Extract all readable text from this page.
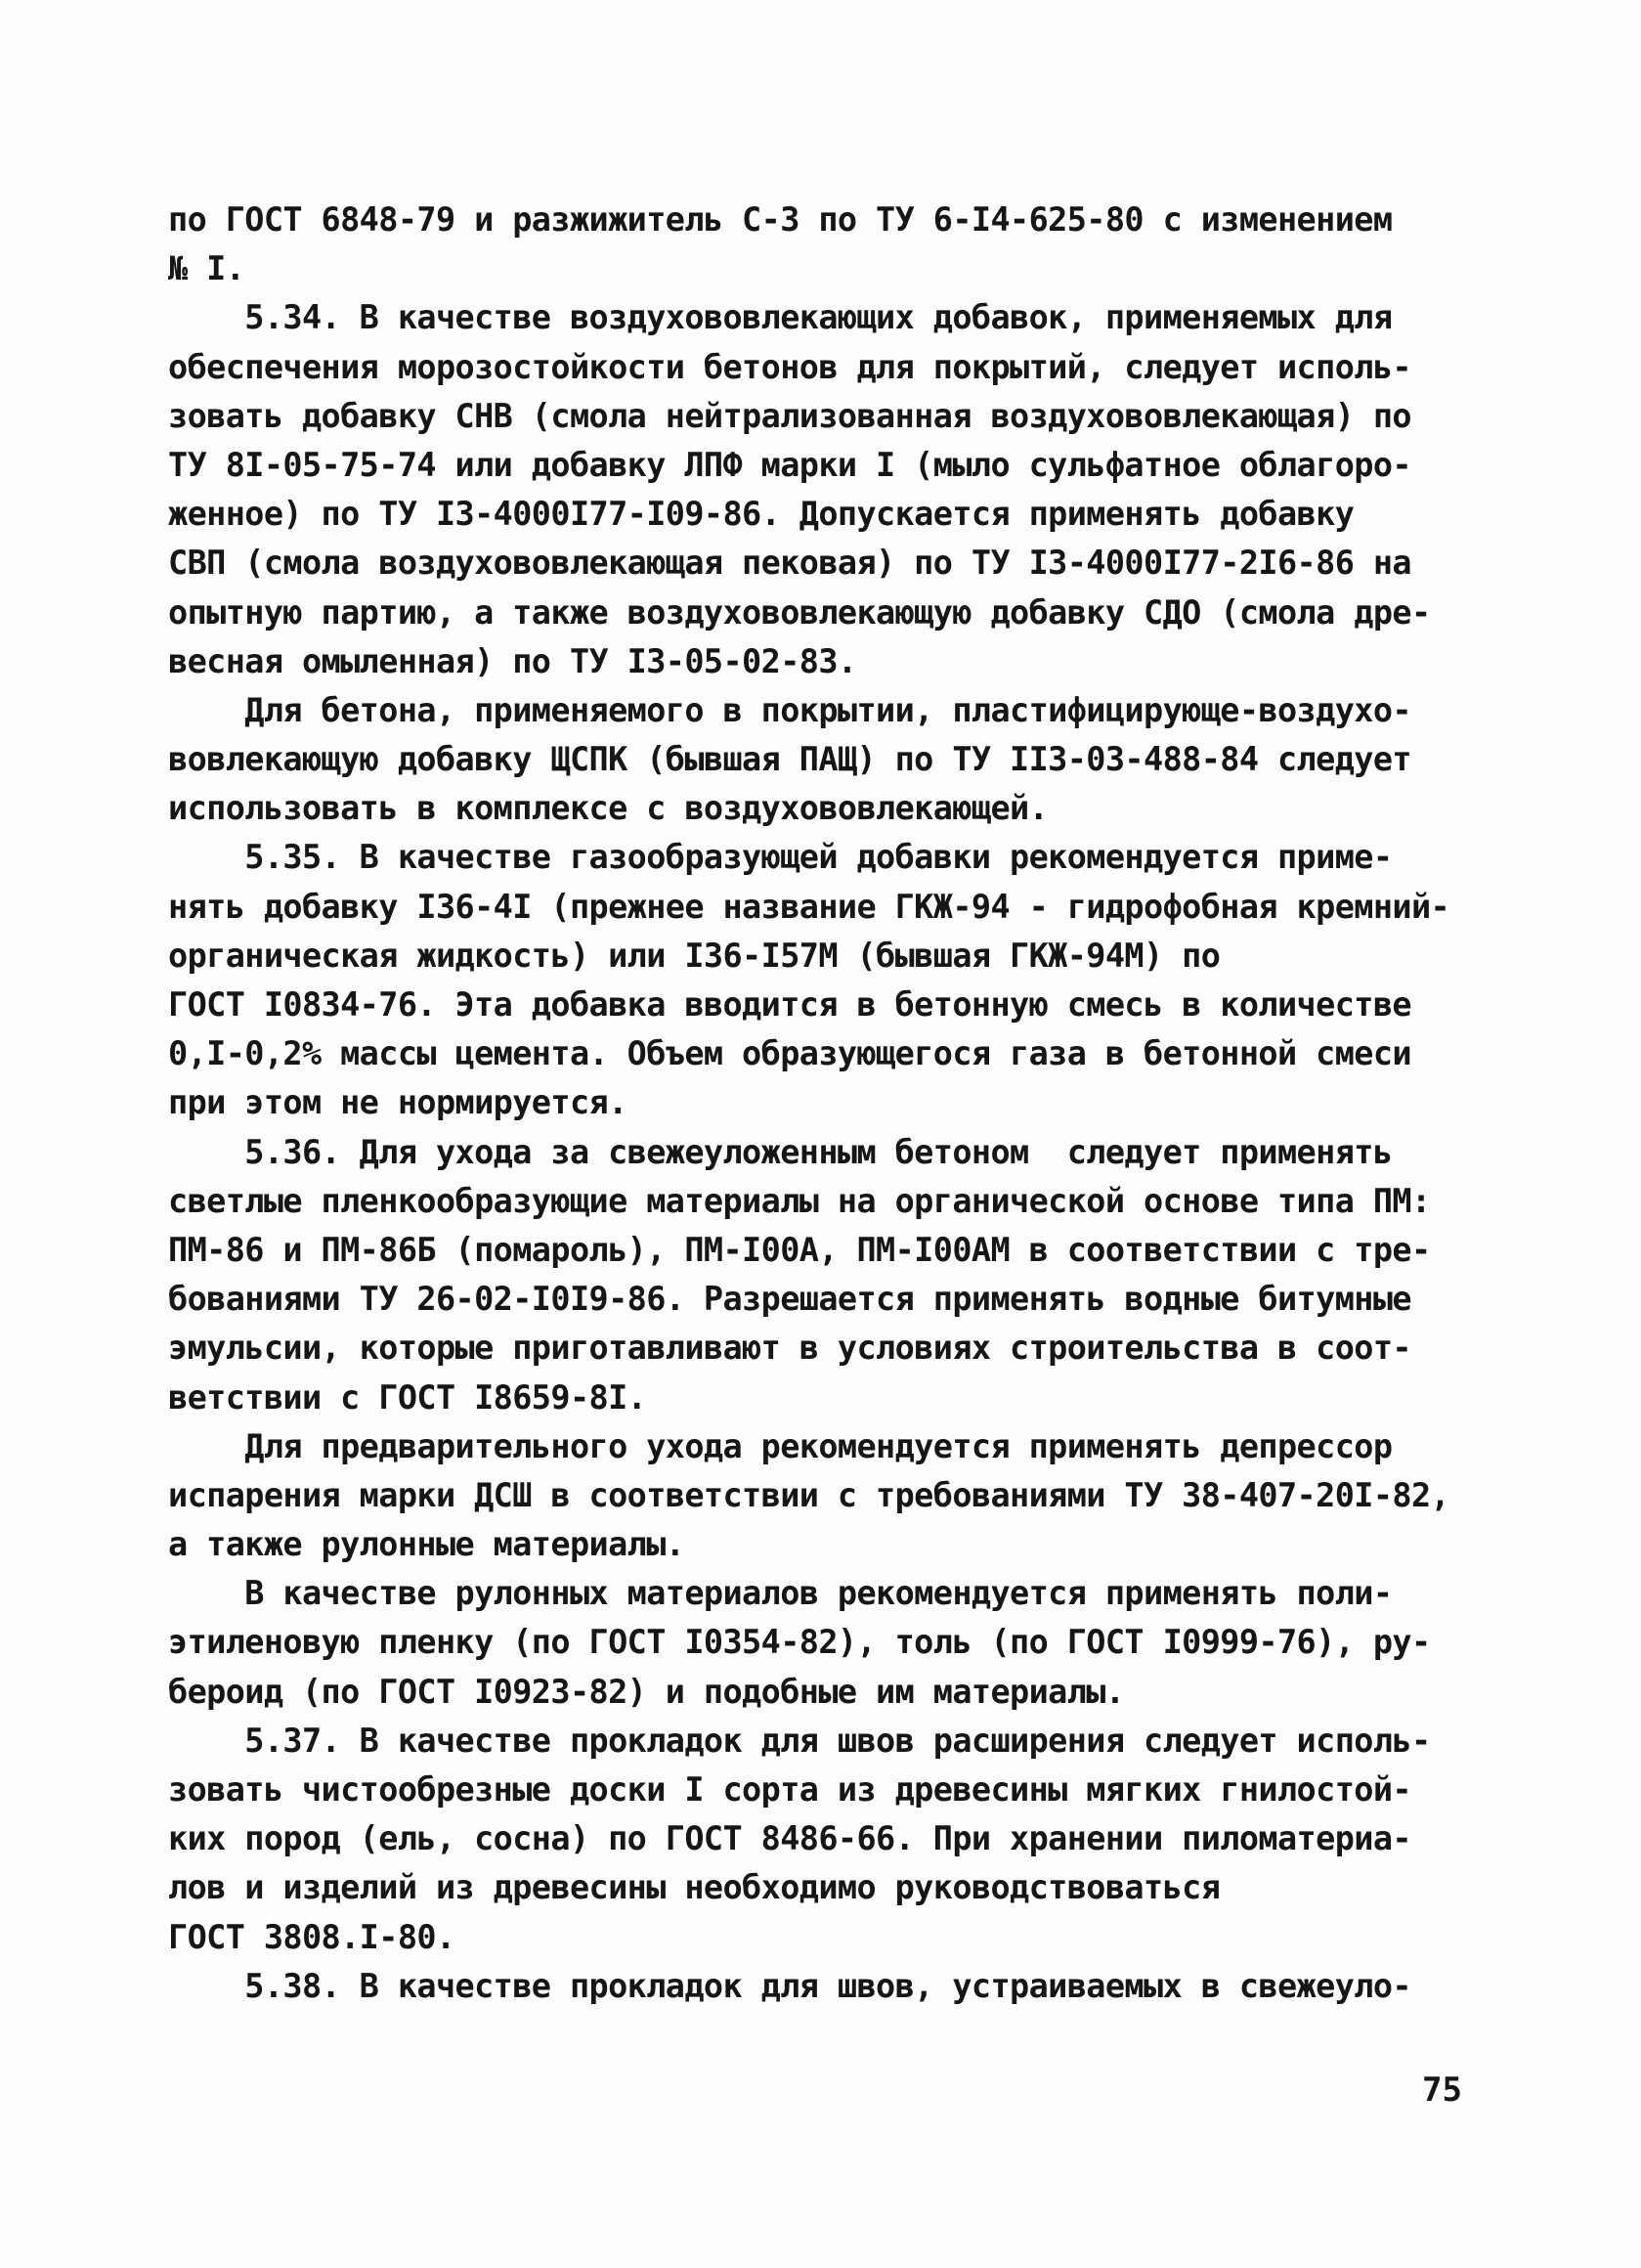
по ГОСТ 6848-79 и разжижитель С-3 по ТУ 6-I4-625-80 с изменением
№ I.
5.34. В качестве воздухововлекающих добавок, применяемых для
обеспечения морозостойкости бетонов для покрытий, следует исполь-
зовать добавку СНВ (смола нейтрализованная воздухововлекающая) по
ТУ 8I-05-75-74 или добавку ЛПФ марки I (мыло сульфатное облагоро-
женное) по ТУ I3-4000I77-I09-86. Допускается применять добавку
СВП (смола воздухововлекающая пековая) по ТУ I3-4000I77-2I6-86 на
опытную партию, а также воздухововлекающую добавку СДО (смола дре-
весная омыленная) по ТУ I3-05-02-83.
Для бетона, применяемого в покрытии, пластифицирующе-воздухо-
вовлекающую добавку ЩСПК (бывшая ПАЩ) по ТУ II3-03-488-84 следует
использовать в комплексе с воздухововлекающей.
5.35. В качестве газообразующей добавки рекомендуется приме-
нять добавку I36-4I (прежнее название ГКЖ-94 - гидрофобная кремний-
органическая жидкость) или I36-I57М (бывшая ГКЖ-94М) по
ГОСТ I0834-76. Эта добавка вводится в бетонную смесь в количестве
0,I-0,2% массы цемента. Объем образующегося газа в бетонной смеси
при этом не нормируется.
5.36. Для ухода за свежеуложенным бетоном  следует применять
светлые пленкообразующие материалы на органической основе типа ПМ:
ПМ-86 и ПМ-86Б (помароль), ПМ-I00А, ПМ-I00АМ в соответствии с тре-
бованиями ТУ 26-02-I0I9-86. Разрешается применять водные битумные
эмульсии, которые приготавливают в условиях строительства в соот-
ветствии с ГОСТ I8659-8I.
Для предварительного ухода рекомендуется применять депрессор
испарения марки ДСШ в соответствии с требованиями ТУ 38-407-20I-82,
а также рулонные материалы.
В качестве рулонных материалов рекомендуется применять поли-
этиленовую пленку (по ГОСТ I0354-82), толь (по ГОСТ I0999-76), ру-
бероид (по ГОСТ I0923-82) и подобные им материалы.
5.37. В качестве прокладок для швов расширения следует исполь-
зовать чистообрезные доски I сорта из древесины мягких гнилостой-
ких пород (ель, сосна) по ГОСТ 8486-66. При хранении пиломатериа-
лов и изделий из древесины необходимо руководствоваться
ГОСТ 3808.I-80.
5.38. В качестве прокладок для швов, устраиваемых в свежеуло-
75
